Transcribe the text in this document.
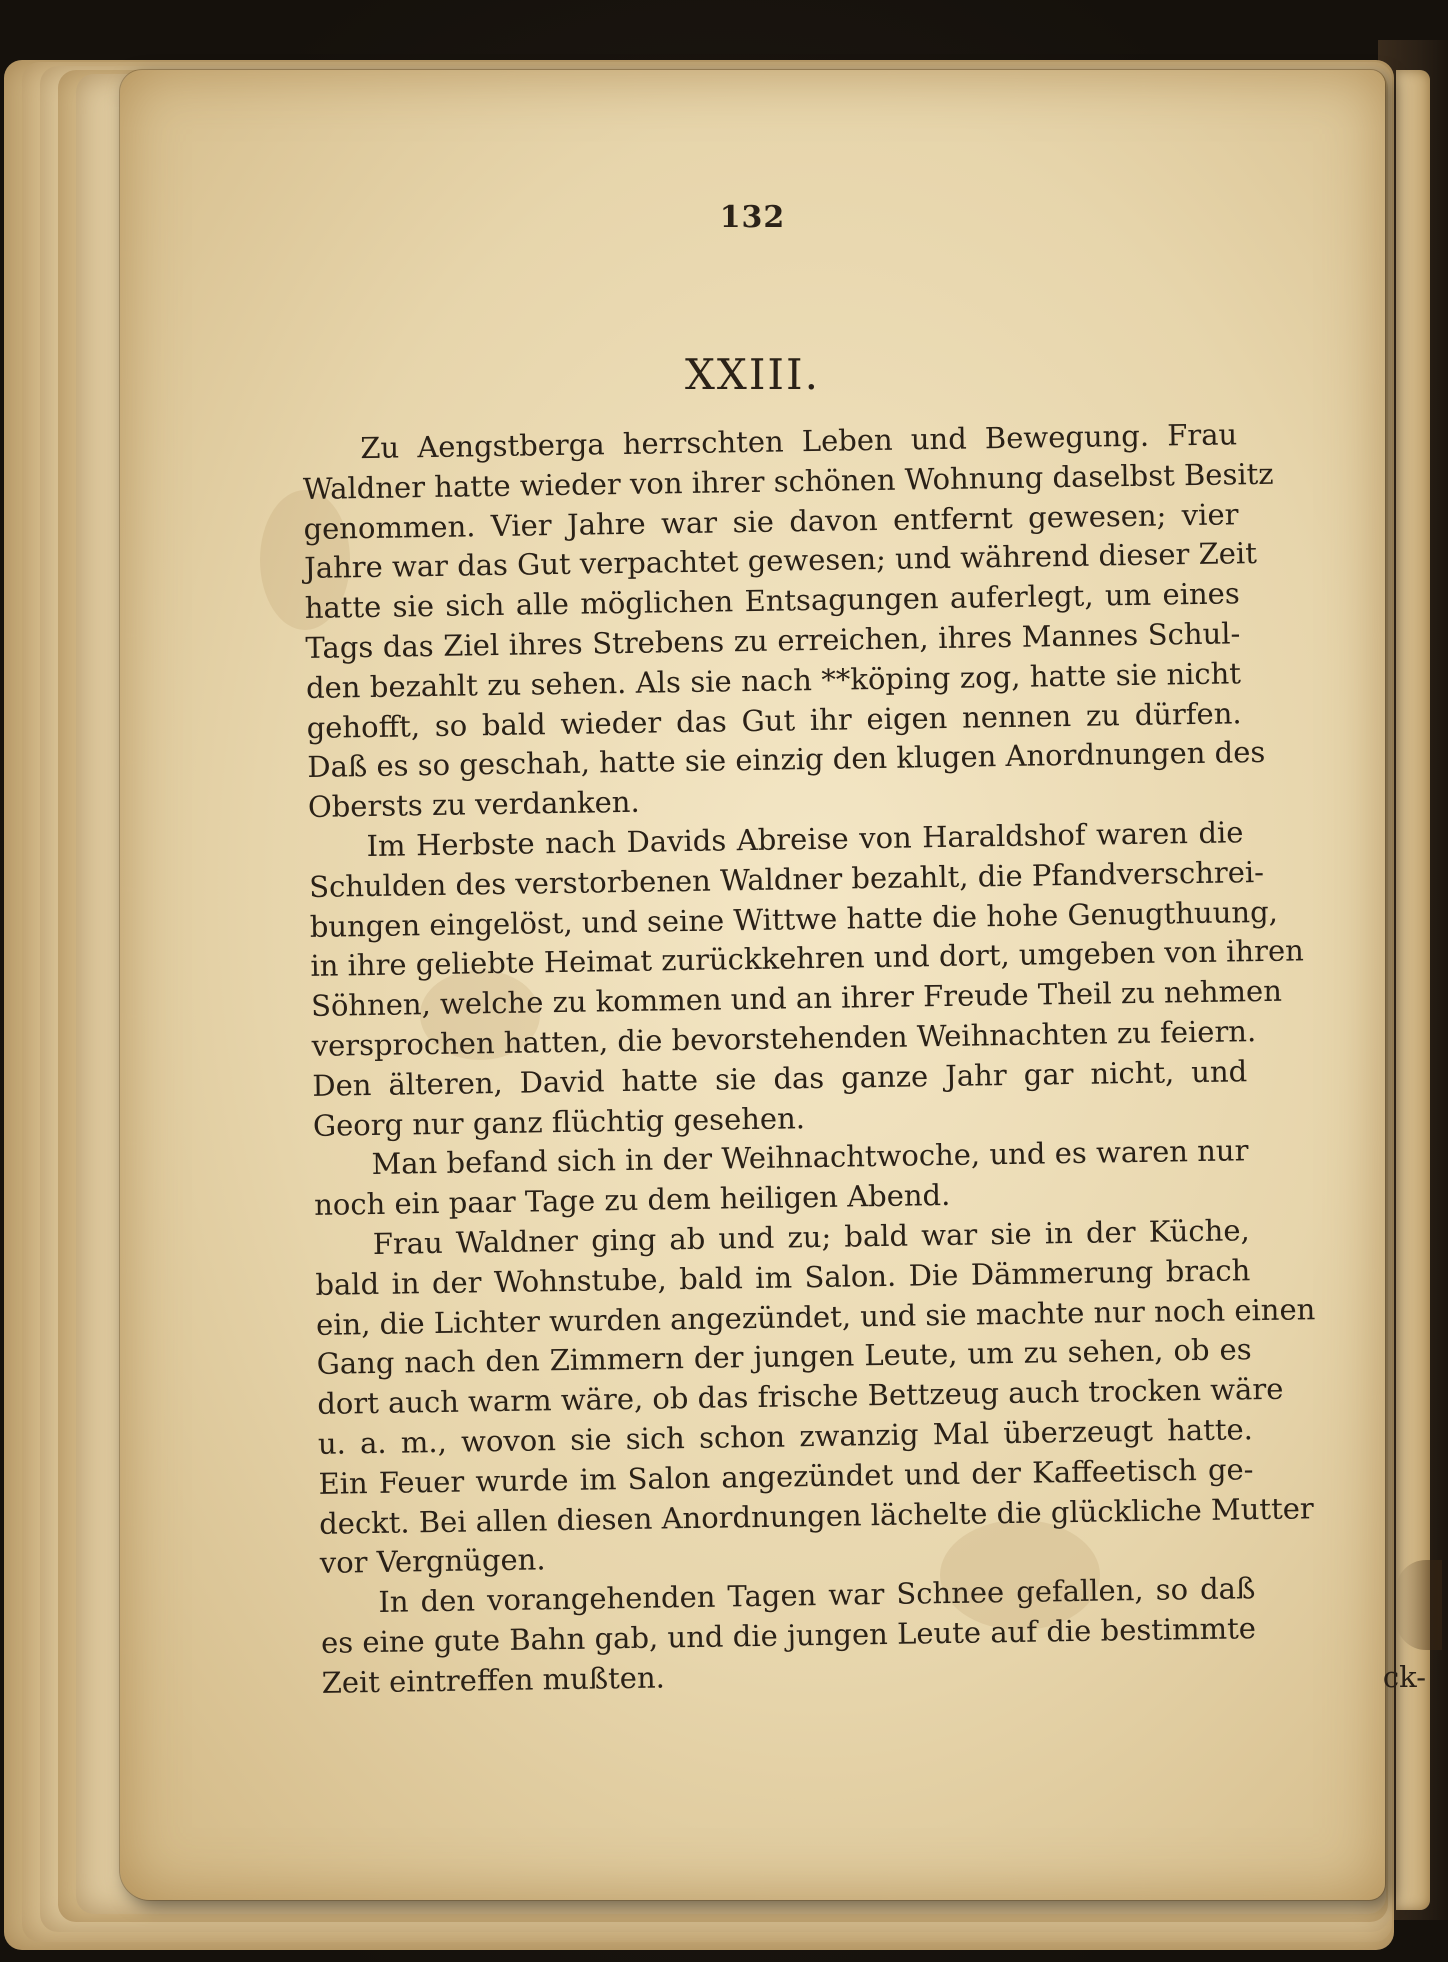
132
XXIII.
Zu Aengstberga herrschten Leben und Bewegung. Frau
Waldner hatte wieder von ihrer schönen Wohnung daselbst Besitz
genommen. Vier Jahre war sie davon entfernt gewesen; vier
Jahre war das Gut verpachtet gewesen; und während dieser Zeit
hatte sie sich alle möglichen Entsagungen auferlegt, um eines
Tags das Ziel ihres Strebens zu erreichen, ihres Mannes Schul-
den bezahlt zu sehen. Als sie nach **köping zog, hatte sie nicht
gehofft, so bald wieder das Gut ihr eigen nennen zu dürfen.
Daß es so geschah, hatte sie einzig den klugen Anordnungen des
Obersts zu verdanken.
Im Herbste nach Davids Abreise von Haraldshof waren die
Schulden des verstorbenen Waldner bezahlt, die Pfandverschrei-
bungen eingelöst, und seine Wittwe hatte die hohe Genugthuung,
in ihre geliebte Heimat zurückkehren und dort, umgeben von ihren
Söhnen, welche zu kommen und an ihrer Freude Theil zu nehmen
versprochen hatten, die bevorstehenden Weihnachten zu feiern.
Den älteren, David hatte sie das ganze Jahr gar nicht, und
Georg nur ganz flüchtig gesehen.
Man befand sich in der Weihnachtwoche, und es waren nur
noch ein paar Tage zu dem heiligen Abend.
Frau Waldner ging ab und zu; bald war sie in der Küche,
bald in der Wohnstube, bald im Salon. Die Dämmerung brach
ein, die Lichter wurden angezündet, und sie machte nur noch einen
Gang nach den Zimmern der jungen Leute, um zu sehen, ob es
dort auch warm wäre, ob das frische Bettzeug auch trocken wäre
u. a. m., wovon sie sich schon zwanzig Mal überzeugt hatte.
Ein Feuer wurde im Salon angezündet und der Kaffeetisch ge-
deckt. Bei allen diesen Anordnungen lächelte die glückliche Mutter
vor Vergnügen.
In den vorangehenden Tagen war Schnee gefallen, so daß
es eine gute Bahn gab, und die jungen Leute auf die bestimmte
Zeit eintreffen mußten.	ck-
